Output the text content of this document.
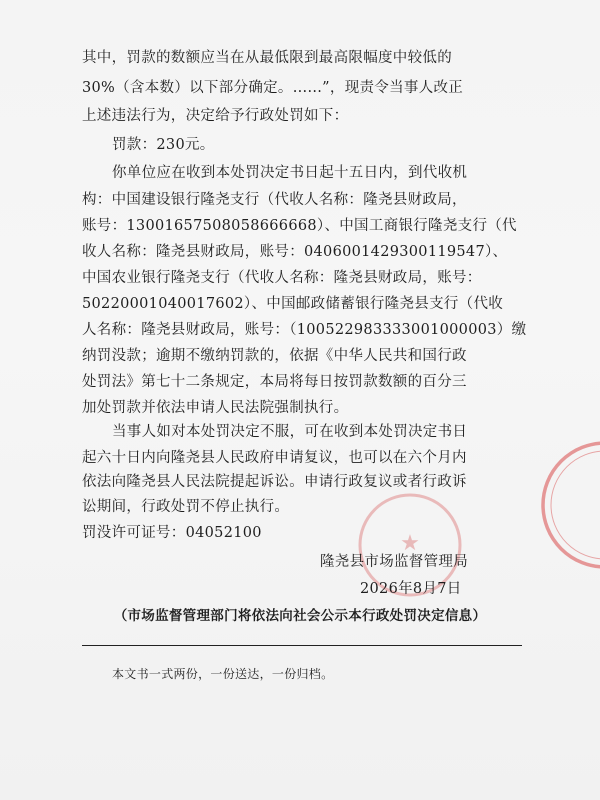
其中，罚款的数额应当在从最低限到最高限幅度中较低的
30%（含本数）以下部分确定。......”，现责令当事人改正
上述违法行为，决定给予行政处罚如下：
罚款：230元。
你单位应在收到本处罚决定书日起十五日内，到代收机
构：中国建设银行隆尧支行（代收人名称：隆尧县财政局，
账号：13001657508058666668）、中国工商银行隆尧支行（代
收人名称：隆尧县财政局，账号：0406001429300119547）、
中国农业银行隆尧支行（代收人名称：隆尧县财政局，账号：
50220001040017602）、中国邮政储蓄银行隆尧县支行（代收
人名称：隆尧县财政局，账号：（100522983333001000003）缴
纳罚没款；逾期不缴纳罚款的，依据《中华人民共和国行政
处罚法》第七十二条规定，本局将每日按罚款数额的百分三
加处罚款并依法申请人民法院强制执行。
当事人如对本处罚决定不服，可在收到本处罚决定书日
起六十日内向隆尧县人民政府申请复议，也可以在六个月内
依法向隆尧县人民法院提起诉讼。申请行政复议或者行政诉
讼期间，行政处罚不停止执行。
罚没许可证号：04052100	★
隆尧县市场监督管理局
2026年8月7日
（市场监督管理部门将依法向社会公示本行政处罚决定信息）
本文书一式两份，一份送达，一份归档。
